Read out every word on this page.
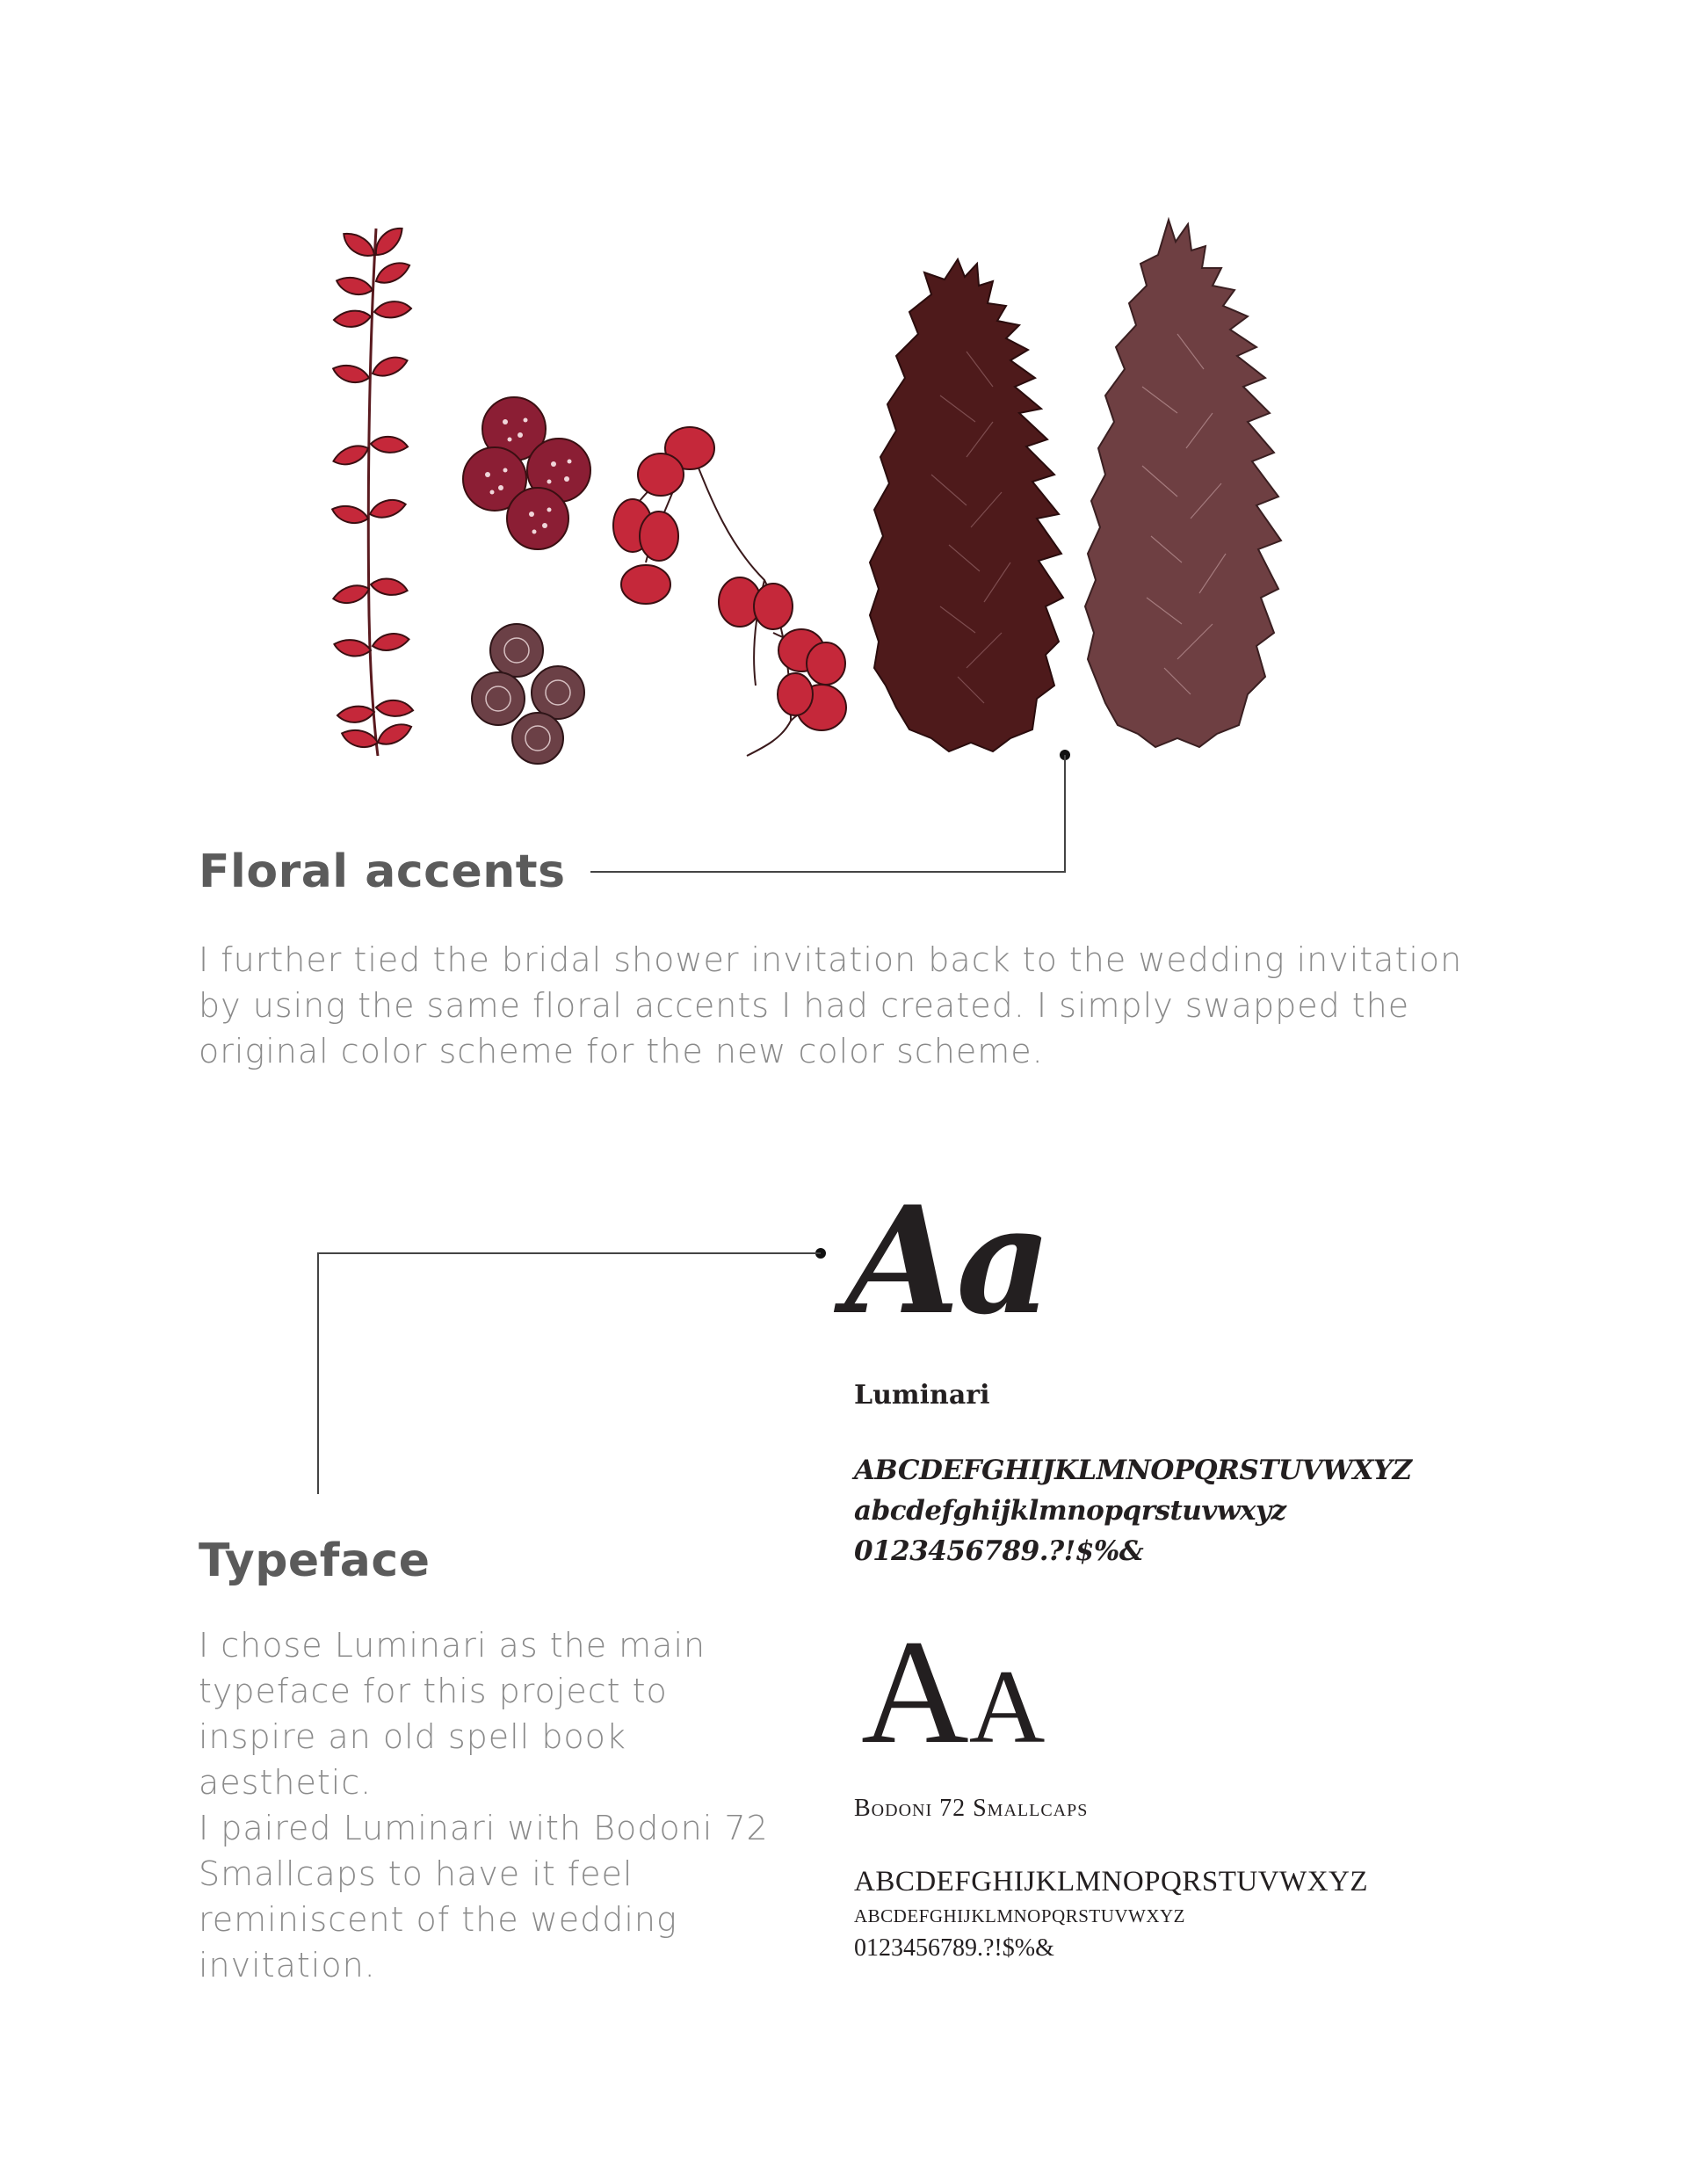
Floral accents

I further tied the bridal shower invitation back to the wedding invitation by using the same floral accents I had created. I simply swapped the original color scheme for the new color scheme.

Typeface

I chose Luminari as the main typeface for this project to inspire an old spell book aesthetic.

I paired Luminari with Bodoni 72 Smallcaps to have it feel reminiscent of the wedding invitation.

Aa
Luminari
ABCDEFGHIJKLMNOPQRSTUVWXYZ
abcdefghijklmnopqrstuvwxyz
0123456789.?!$%&
AA
Bodoni 72 Smallcaps
ABCDEFGHIJKLMNOPQRSTUVWXYZ
ABCDEFGHIJKLMNOPQRSTUVWXYZ
0123456789.?!$%&
